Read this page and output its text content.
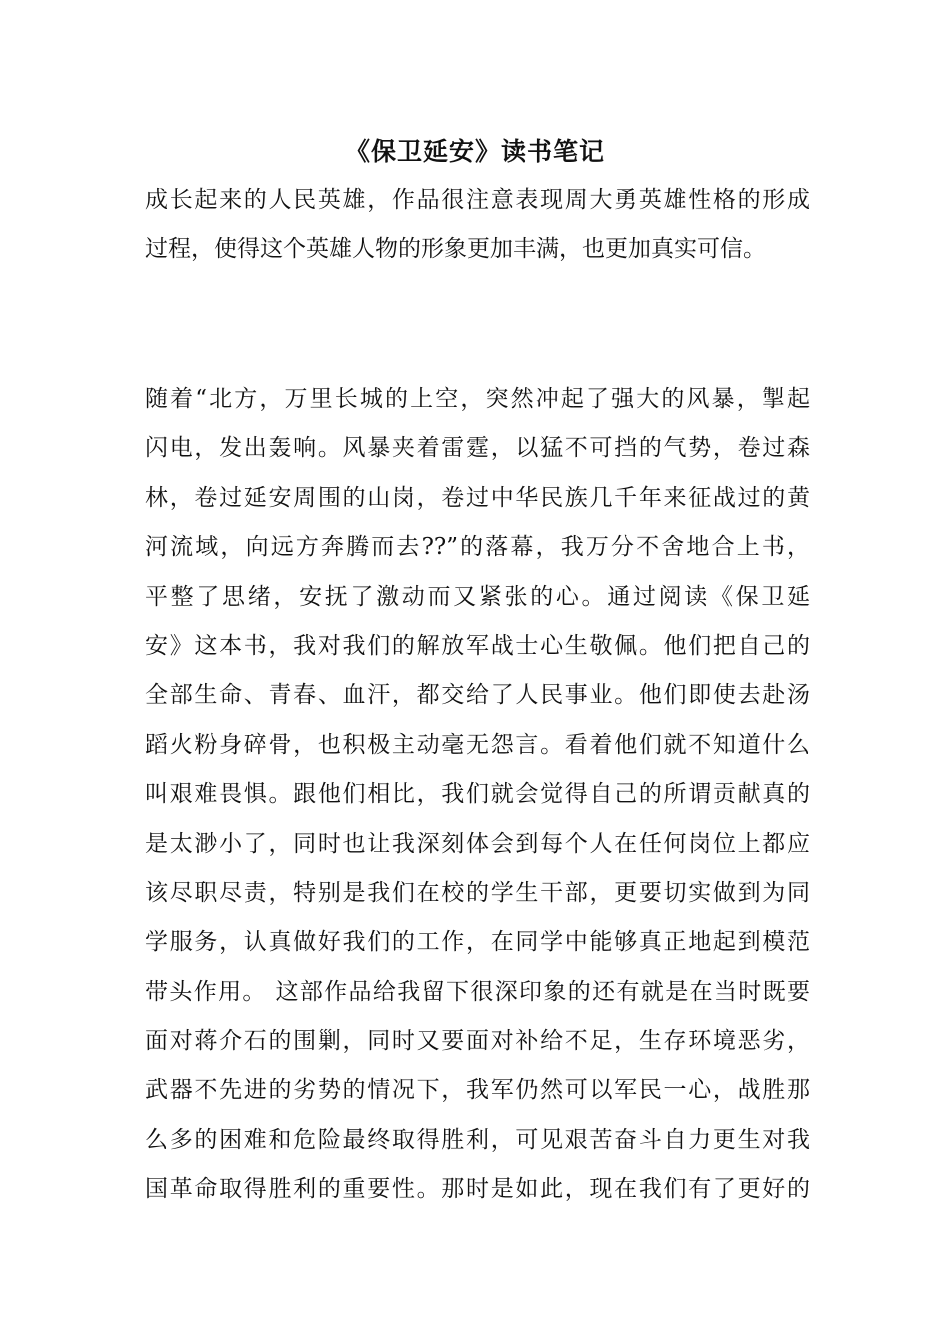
《保卫延安》读书笔记
成长起来的人民英雄，作品很注意表现周大勇英雄性格的形成
过程，使得这个英雄人物的形象更加丰满，也更加真实可信。
随着“北方，万里长城的上空，突然冲起了强大的风暴，掣起
闪电，发出轰响。风暴夹着雷霆，以猛不可挡的气势，卷过森
林，卷过延安周围的山岗，卷过中华民族几千年来征战过的黄
河流域，向远方奔腾而去??”的落幕，我万分不舍地合上书，
平整了思绪，安抚了激动而又紧张的心。通过阅读《保卫延
安》这本书，我对我们的解放军战士心生敬佩。他们把自己的
全部生命、青春、血汗，都交给了人民事业。他们即使去赴汤
蹈火粉身碎骨，也积极主动毫无怨言。看着他们就不知道什么
叫艰难畏惧。跟他们相比，我们就会觉得自己的所谓贡献真的
是太渺小了，同时也让我深刻体会到每个人在任何岗位上都应
该尽职尽责，特别是我们在校的学生干部，更要切实做到为同
学服务，认真做好我们的工作，在同学中能够真正地起到模范
带头作用。 这部作品给我留下很深印象的还有就是在当时既要
面对蒋介石的围剿，同时又要面对补给不足，生存环境恶劣，
武器不先进的劣势的情况下，我军仍然可以军民一心，战胜那
么多的困难和危险最终取得胜利，可见艰苦奋斗自力更生对我
国革命取得胜利的重要性。那时是如此，现在我们有了更好的
